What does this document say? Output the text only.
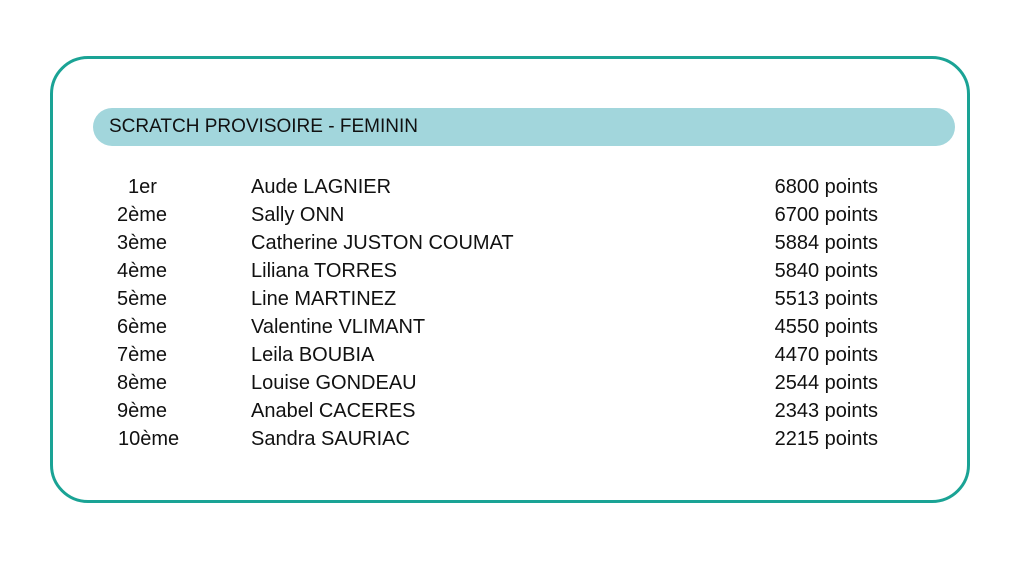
SCRATCH PROVISOIRE - FEMININ
1er	Aude LAGNIER	6800 points
2ème	Sally ONN	6700 points
3ème	Catherine JUSTON COUMAT	5884 points
4ème	Liliana TORRES	5840 points
5ème	Line MARTINEZ	5513 points
6ème	Valentine VLIMANT	4550 points
7ème	Leila BOUBIA	4470 points
8ème	Louise GONDEAU	2544 points
9ème	Anabel CACERES	2343 points
10ème	Sandra SAURIAC	2215 points
